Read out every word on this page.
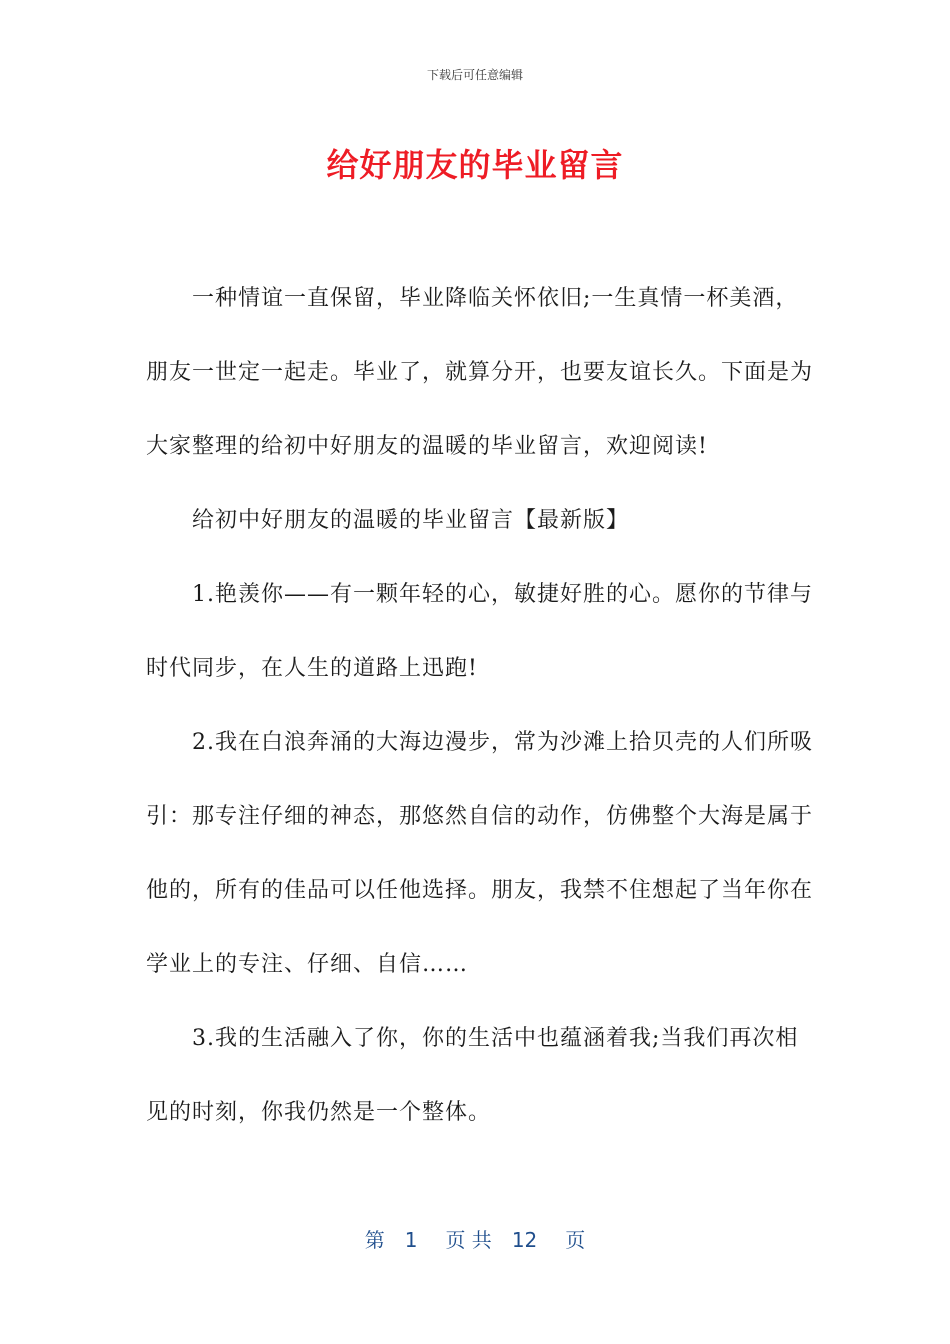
下载后可任意编辑
给好朋友的毕业留言

一种情谊一直保留，毕业降临关怀依旧;一生真情一杯美酒，朋友一世定一起走。毕业了，就算分开，也要友谊长久。下面是为大家整理的给初中好朋友的温暖的毕业留言，欢迎阅读!

给初中好朋友的温暖的毕业留言【最新版】

1.艳羡你——有一颗年轻的心，敏捷好胜的心。愿你的节律与时代同步，在人生的道路上迅跑!

2.我在白浪奔涌的大海边漫步，常为沙滩上拾贝壳的人们所吸引：那专注仔细的神态，那悠然自信的动作，仿佛整个大海是属于他的，所有的佳品可以任他选择。朋友，我禁不住想起了当年你在学业上的专注、仔细、自信……

3.我的生活融入了你，你的生活中也蕴涵着我;当我们再次相见的时刻，你我仍然是一个整体。

第 1 页 共 12 页
